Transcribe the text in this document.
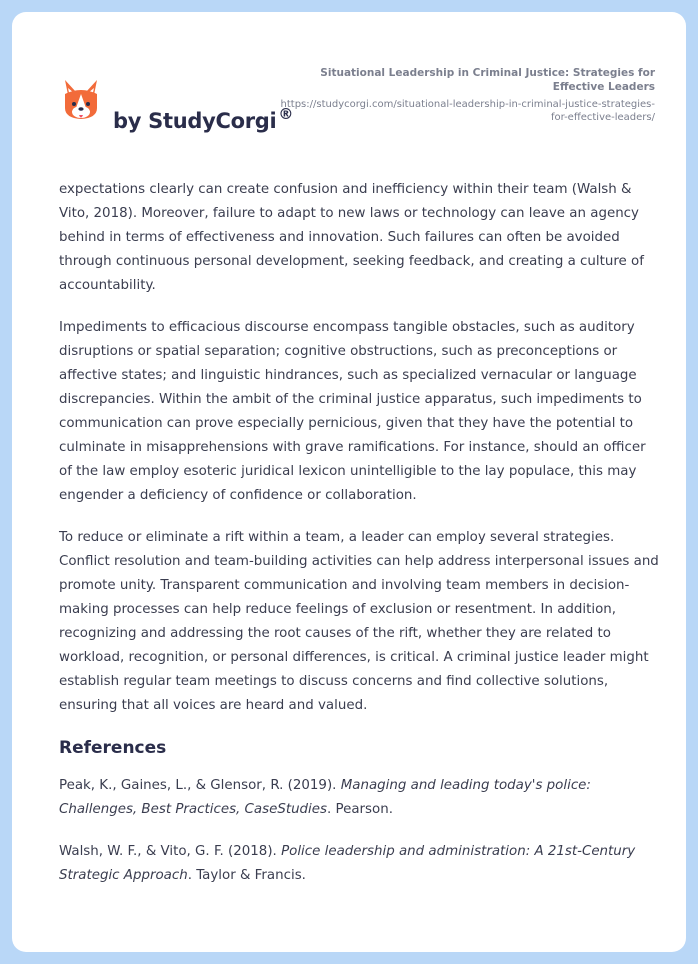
by StudyCorgi ®
Situational Leadership in Criminal Justice: Strategies for Effective Leaders
https://studycorgi.com/situational-leadership-in-criminal-justice-strategies-for-effective-leaders/

expectations clearly can create confusion and inefficiency within their team (Walsh & Vito, 2018). Moreover, failure to adapt to new laws or technology can leave an agency behind in terms of effectiveness and innovation. Such failures can often be avoided through continuous personal development, seeking feedback, and creating a culture of accountability.

Impediments to efficacious discourse encompass tangible obstacles, such as auditory disruptions or spatial separation; cognitive obstructions, such as preconceptions or affective states; and linguistic hindrances, such as specialized vernacular or language discrepancies. Within the ambit of the criminal justice apparatus, such impediments to communication can prove especially pernicious, given that they have the potential to culminate in misapprehensions with grave ramifications. For instance, should an officer of the law employ esoteric juridical lexicon unintelligible to the lay populace, this may engender a deficiency of confidence or collaboration.

To reduce or eliminate a rift within a team, a leader can employ several strategies. Conflict resolution and team-building activities can help address interpersonal issues and promote unity. Transparent communication and involving team members in decision-making processes can help reduce feelings of exclusion or resentment. In addition, recognizing and addressing the root causes of the rift, whether they are related to workload, recognition, or personal differences, is critical. A criminal justice leader might establish regular team meetings to discuss concerns and find collective solutions, ensuring that all voices are heard and valued.

References
Peak, K., Gaines, L., & Glensor, R. (2019). Managing and leading today's police: Challenges, Best Practices, CaseStudies. Pearson.
Walsh, W. F., & Vito, G. F. (2018). Police leadership and administration: A 21st-Century Strategic Approach. Taylor & Francis.
